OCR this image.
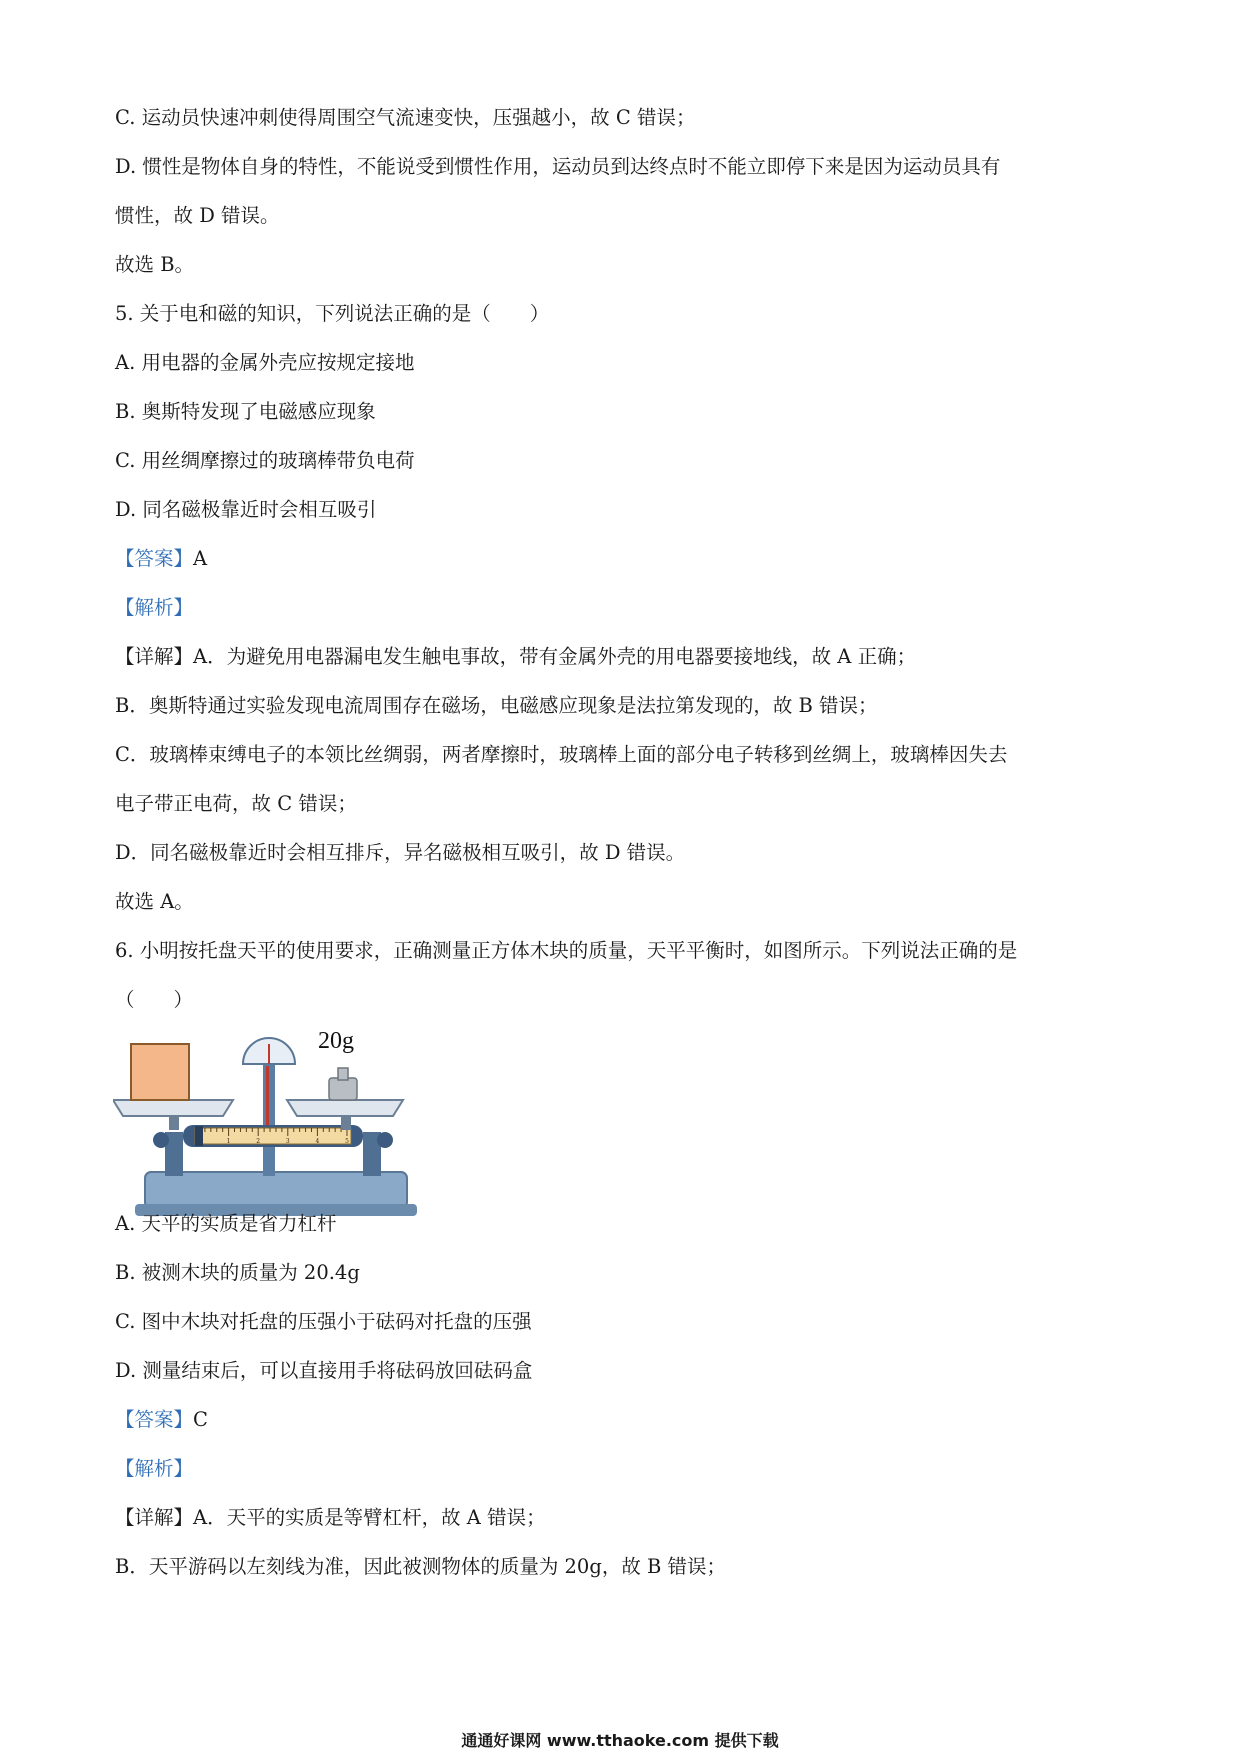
C. 运动员快速冲刺使得周围空气流速变快，压强越小，故 C 错误；
D. 惯性是物体自身的特性，不能说受到惯性作用，运动员到达终点时不能立即停下来是因为运动员具有
惯性，故 D 错误。
故选 B。
5. 关于电和磁的知识，下列说法正确的是（　　）
A. 用电器的金属外壳应按规定接地
B. 奥斯特发现了电磁感应现象
C. 用丝绸摩擦过的玻璃棒带负电荷
D. 同名磁极靠近时会相互吸引
【答案】A
【解析】
【详解】A．为避免用电器漏电发生触电事故，带有金属外壳的用电器要接地线，故 A 正确；
B．奥斯特通过实验发现电流周围存在磁场，电磁感应现象是法拉第发现的，故 B 错误；
C．玻璃棒束缚电子的本领比丝绸弱，两者摩擦时，玻璃棒上面的部分电子转移到丝绸上，玻璃棒因失去
电子带正电荷，故 C 错误；
D．同名磁极靠近时会相互排斥，异名磁极相互吸引，故 D 错误。
故选 A。
6. 小明按托盘天平的使用要求，正确测量正方体木块的质量，天平平衡时，如图所示。下列说法正确的是
（　　）
1	2	3	4	5
20g
A. 天平的实质是省力杠杆
B. 被测木块的质量为 20.4g
C. 图中木块对托盘的压强小于砝码对托盘的压强
D. 测量结束后，可以直接用手将砝码放回砝码盒
【答案】C
【解析】
【详解】A．天平的实质是等臂杠杆，故 A 错误；
B．天平游码以左刻线为准，因此被测物体的质量为 20g，故 B 错误；
通通好课网 www.tthaoke.com 提供下载
